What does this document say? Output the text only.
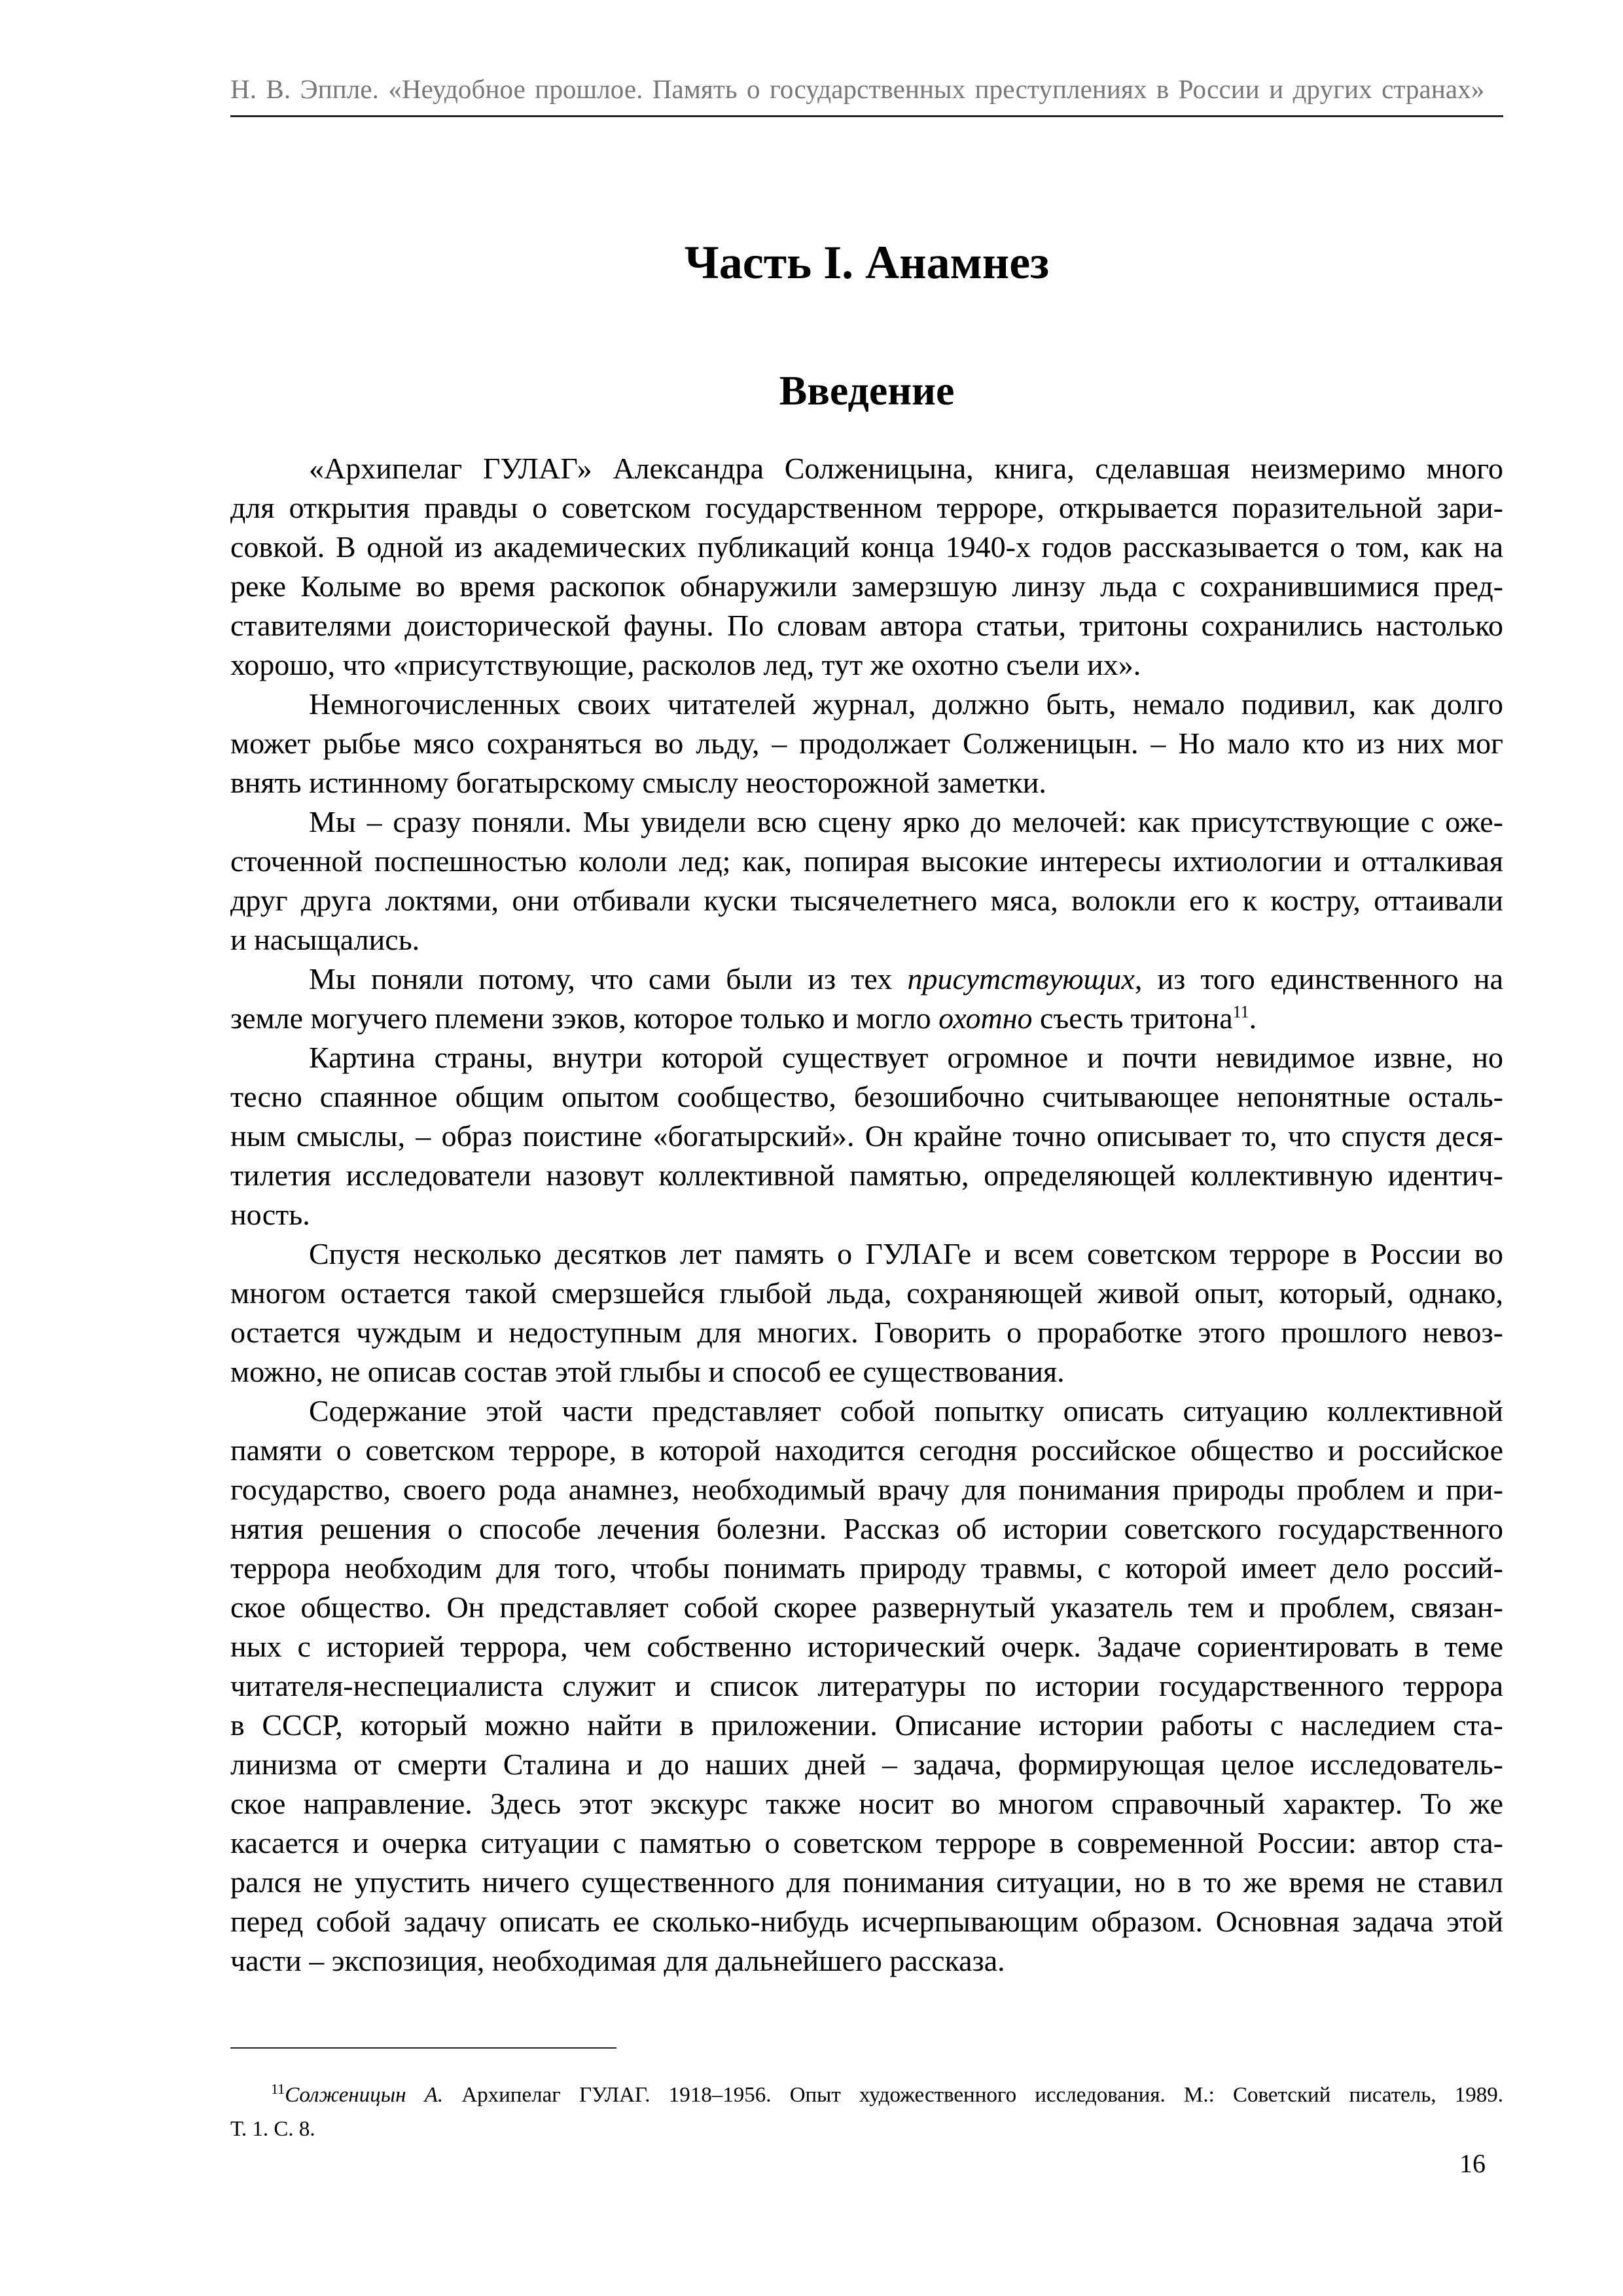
Н. В. Эппле. «Неудобное прошлое. Память о государственных преступлениях в России и других странах»
Часть I. Анамнез
Введение
«Архипелаг ГУЛАГ» Александра Солженицына, книга, сделавшая неизмеримо много
для открытия правды о советском государственном терроре, открывается поразительной зари-
совкой. В одной из академических публикаций конца 1940-х годов рассказывается о том, как на
реке Колыме во время раскопок обнаружили замерзшую линзу льда с сохранившимися пред-
ставителями доисторической фауны. По словам автора статьи, тритоны сохранились настолько
хорошо, что «присутствующие, расколов лед, тут же охотно съели их».
Немногочисленных своих читателей журнал, должно быть, немало подивил, как долго
может рыбье мясо сохраняться во льду, – продолжает Солженицын. – Но мало кто из них мог
внять истинному богатырскому смыслу неосторожной заметки.
Мы – сразу поняли. Мы увидели всю сцену ярко до мелочей: как присутствующие с оже-
сточенной поспешностью кололи лед; как, попирая высокие интересы ихтиологии и отталкивая
друг друга локтями, они отбивали куски тысячелетнего мяса, волокли его к костру, оттаивали
и насыщались.
Мы поняли потому, что сами были из тех присутствующих, из того единственного на
земле могучего племени зэков, которое только и могло охотно съесть тритона$^{11}$.
Картина страны, внутри которой существует огромное и почти невидимое извне, но
тесно спаянное общим опытом сообщество, безошибочно считывающее непонятные осталь-
ным смыслы, – образ поистине «богатырский». Он крайне точно описывает то, что спустя деся-
тилетия исследователи назовут коллективной памятью, определяющей коллективную идентич-
ность.
Спустя несколько десятков лет память о ГУЛАГе и всем советском терроре в России во
многом остается такой смерзшейся глыбой льда, сохраняющей живой опыт, который, однако,
остается чуждым и недоступным для многих. Говорить о проработке этого прошлого невоз-
можно, не описав состав этой глыбы и способ ее существования.
Содержание этой части представляет собой попытку описать ситуацию коллективной
памяти о советском терроре, в которой находится сегодня российское общество и российское
государство, своего рода анамнез, необходимый врачу для понимания природы проблем и при-
нятия решения о способе лечения болезни. Рассказ об истории советского государственного
террора необходим для того, чтобы понимать природу травмы, с которой имеет дело россий-
ское общество. Он представляет собой скорее развернутый указатель тем и проблем, связан-
ных с историей террора, чем собственно исторический очерк. Задаче сориентировать в теме
читателя-неспециалиста служит и список литературы по истории государственного террора
в СССР, который можно найти в приложении. Описание истории работы с наследием ста-
линизма от смерти Сталина и до наших дней – задача, формирующая целое исследователь-
ское направление. Здесь этот экскурс также носит во многом справочный характер. То же
касается и очерка ситуации с памятью о советском терроре в современной России: автор ста-
рался не упустить ничего существенного для понимания ситуации, но в то же время не ставил
перед собой задачу описать ее сколько-нибудь исчерпывающим образом. Основная задача этой
части – экспозиция, необходимая для дальнейшего рассказа.
$^{11}$Солженицын А. Архипелаг ГУЛАГ. 1918–1956. Опыт художественного исследования. М.: Советский писатель, 1989.
Т. 1. С. 8.
16
